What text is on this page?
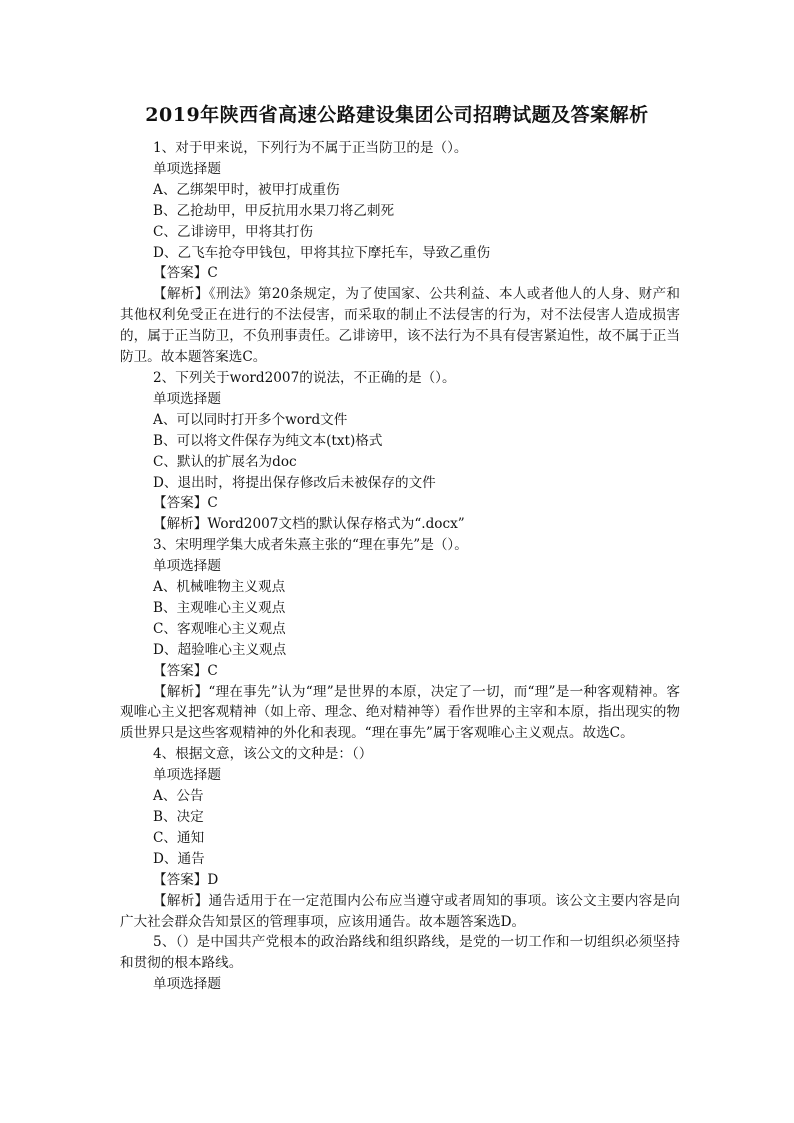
2019年陕西省高速公路建设集团公司招聘试题及答案解析

1、对于甲来说，下列行为不属于正当防卫的是（）。

单项选择题

A、乙绑架甲时，被甲打成重伤

B、乙抢劫甲，甲反抗用水果刀将乙刺死

C、乙诽谤甲，甲将其打伤

D、乙飞车抢夺甲钱包，甲将其拉下摩托车，导致乙重伤

【答案】C

【解析】《刑法》第20条规定，为了使国家、公共利益、本人或者他人的人身、财产和其他权利免受正在进行的不法侵害，而采取的制止不法侵害的行为，对不法侵害人造成损害的，属于正当防卫，不负刑事责任。乙诽谤甲，该不法行为不具有侵害紧迫性，故不属于正当防卫。故本题答案选C。

2、下列关于word2007的说法，不正确的是（）。

单项选择题

A、可以同时打开多个word文件

B、可以将文件保存为纯文本(txt)格式

C、默认的扩展名为doc

D、退出时，将提出保存修改后未被保存的文件

【答案】C

【解析】Word2007文档的默认保存格式为“.docx”

3、宋明理学集大成者朱熹主张的“理在事先”是（）。

单项选择题

A、机械唯物主义观点

B、主观唯心主义观点

C、客观唯心主义观点

D、超验唯心主义观点

【答案】C

【解析】“理在事先”认为“理”是世界的本原，决定了一切，而“理”是一种客观精神。客观唯心主义把客观精神（如上帝、理念、绝对精神等）看作世界的主宰和本原，指出现实的物质世界只是这些客观精神的外化和表现。“理在事先”属于客观唯心主义观点。故选C。

4、根据文意，该公文的文种是：（）

单项选择题

A、公告

B、决定

C、通知

D、通告

【答案】D

【解析】通告适用于在一定范围内公布应当遵守或者周知的事项。该公文主要内容是向广大社会群众告知景区的管理事项，应该用通告。故本题答案选D。

5、（）是中国共产党根本的政治路线和组织路线，是党的一切工作和一切组织必须坚持和贯彻的根本路线。

单项选择题
